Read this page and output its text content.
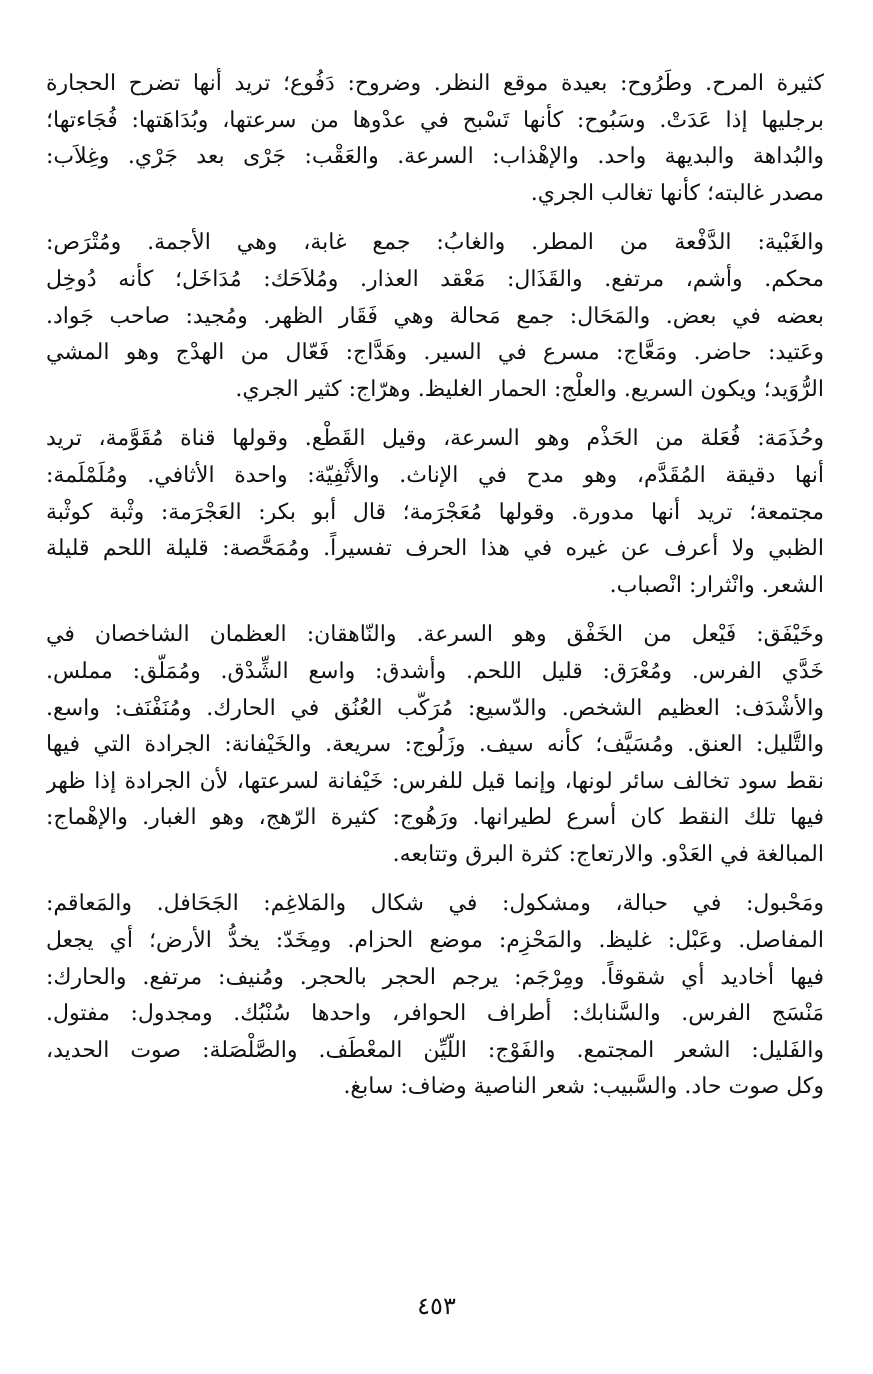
كثيرة المرح. وطَرُوح: بعيدة موقع النظر. وضروح: دَفُوع؛ تريد أنها تضرح الحجارة
برجليها إذا عَدَتْ. وسَبُوح: كأنها تَسْبح في عدْوها من سرعتها، وبُدَاهَتها: فُجَاءتها؛
والبُداهة والبديهة واحد. والإهْذاب: السرعة. والعَقْب: جَرْى بعد جَرْي. وغِلاَب:
مصدر غالبته؛ كأنها تغالب الجري.
والغَبْية: الدَّفْعة من المطر. والغابُ: جمع غابة، وهي الأجمة. ومُتْرَص:
محكم. وأشم، مرتفع. والقَذَال: مَعْقد العذار. ومُلاَحَك: مُدَاخَل؛ كأنه دُوخِل
بعضه في بعض. والمَحَال: جمع مَحالة وهي فَقَار الظهر. ومُجيد: صاحب جَواد.
وعَتيد: حاضر. ومَعَّاج: مسرع في السير. وهَدَّاج: فَعّال من الهدْج وهو المشي
الرُّوَيد؛ ويكون السريع. والعلْج: الحمار الغليظ. وهرّاج: كثير الجري.
وحُذَمَة: فُعَلة من الحَذْم وهو السرعة، وقيل القَطْع. وقولها قناة مُقَوَّمة، تريد
أنها دقيقة المُقَدَّم، وهو مدح في الإناث. والأُثْفِيّة: واحدة الأثافي. ومُلَمْلَمة:
مجتمعة؛ تريد أنها مدورة. وقولها مُعَجْرَمة؛ قال أبو بكر: العَجْرَمة: وثْبة كوثْبة
الظبي ولا أعرف عن غيره في هذا الحرف تفسيراً. ومُمَحَّصة: قليلة اللحم قليلة
الشعر. وانْثرار: انْصباب.
وخَيْفَق: فَيْعل من الخَفْق وهو السرعة. والنّاهقان: العظمان الشاخصان في
خَدَّي الفرس. ومُعْرَق: قليل اللحم. وأشدق: واسع الشِّدْق. ومُمَلَّق: مملس.
والأشْدَف: العظيم الشخص. والدّسيع: مُرَكَّب العُنُق في الحارك. ومُنَفْنَف: واسع.
والتَّليل: العنق. ومُسَيَّف؛ كأنه سيف. وزَلُوج: سريعة. والخَيْفانة: الجرادة التي فيها
نقط سود تخالف سائر لونها، وإنما قيل للفرس: خَيْفانة لسرعتها، لأن الجرادة إذا ظهر
فيها تلك النقط كان أسرع لطيرانها. ورَهُوج: كثيرة الرّهج، وهو الغبار. والإهْماج:
المبالغة في العَدْو. والارتعاج: كثرة البرق وتتابعه.
ومَحْبول: في حبالة، ومشكول: في شكال والمَلاغِم: الجَحَافل. والمَعاقم:
المفاصل. وعَبْل: غليظ. والمَحْزِم: موضع الحزام. ومِخَدّ: يخدُّ الأرض؛ أي يجعل
فيها أخاديد أي شقوقاً. ومِرْجَم: يرجم الحجر بالحجر. ومُنيف: مرتفع. والحارك:
مَنْسَج الفرس. والسَّنابك: أطراف الحوافر، واحدها سُنْبُك. ومجدول: مفتول.
والفَليل: الشعر المجتمع. والفَوْج: اللَّيِّن المعْطَف. والصَّلْصَلة: صوت الحديد،
وكل صوت حاد. والسَّبيب: شعر الناصية وضاف: سابغ.
٤٥٣
